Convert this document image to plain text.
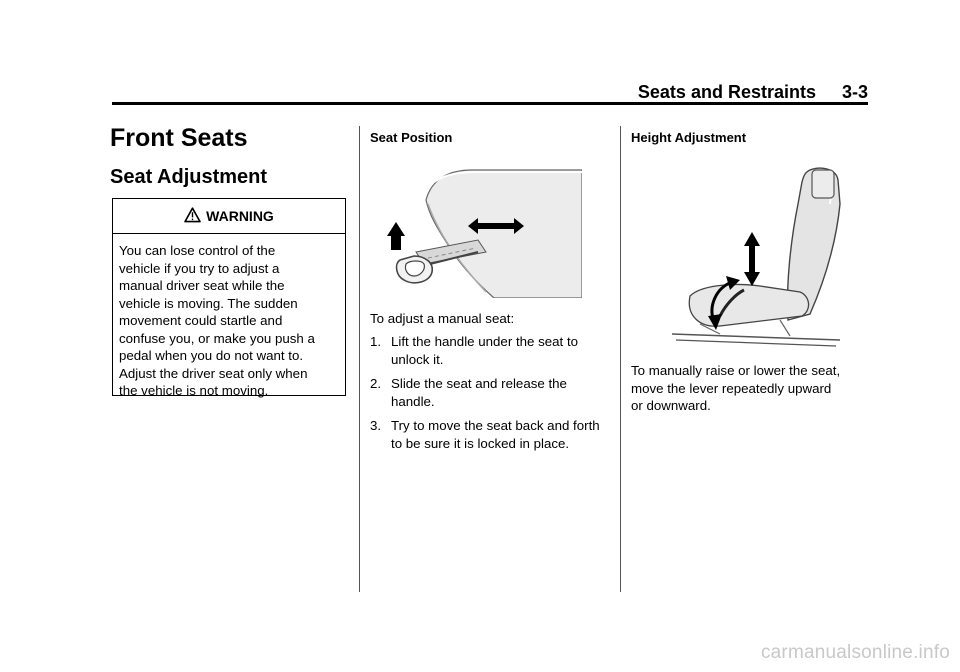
Seats and Restraints 3-3
Front Seats
Seat Adjustment
WARNING

You can lose control of the

vehicle if you try to adjust a

manual driver seat while the

vehicle is moving. The sudden

movement could startle and

confuse you, or make you push a

pedal when you do not want to.

Adjust the driver seat only when

the vehicle is not moving.

Seat Position
To adjust a manual seat:
1. Lift the handle under the seat to unlock it.
2. Slide the seat and release the handle.
3. Try to move the seat back and forth to be sure it is locked in place.
Height Adjustment

To manually raise or lower the seat,

move the lever repeatedly upward

or downward.

carmanualsonline.info
